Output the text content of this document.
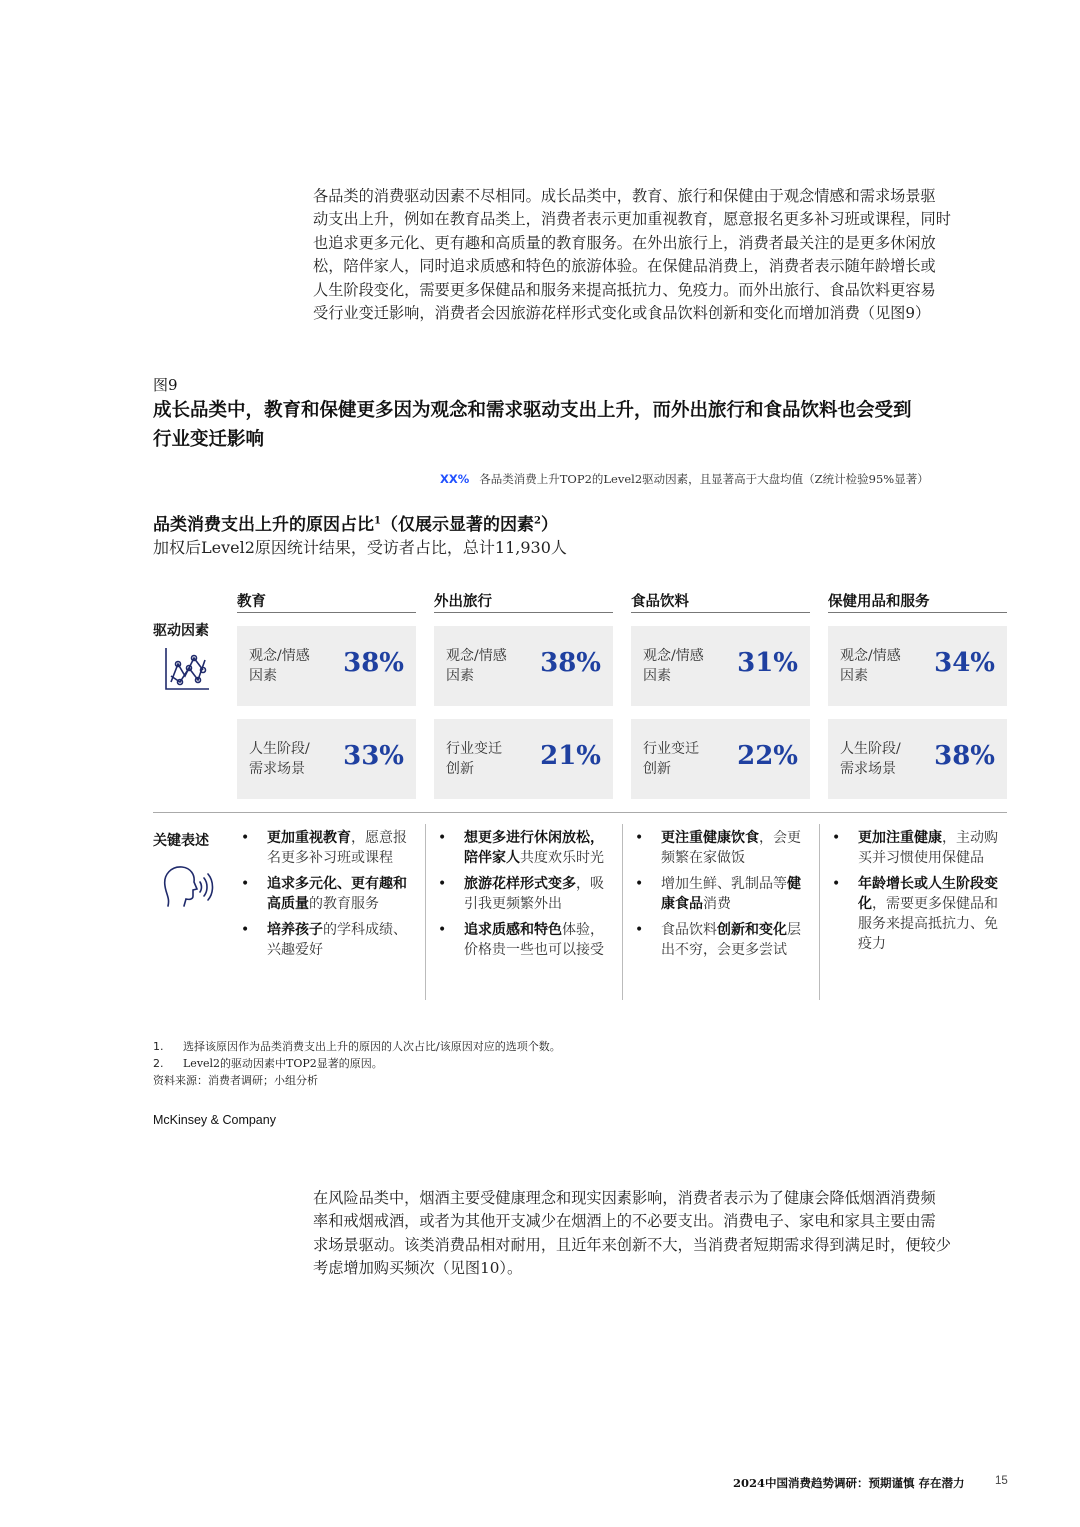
各品类的消费驱动因素不尽相同。成长品类中，教育、旅行和保健由于观念情感和需求场景驱
动支出上升，例如在教育品类上，消费者表示更加重视教育，愿意报名更多补习班或课程，同时
也追求更多元化、更有趣和高质量的教育服务。在外出旅行上，消费者最关注的是更多休闲放
松，陪伴家人，同时追求质感和特色的旅游体验。在保健品消费上，消费者表示随年龄增长或
人生阶段变化，需要更多保健品和服务来提高抵抗力、免疫力。而外出旅行、食品饮料更容易
受行业变迁影响，消费者会因旅游花样形式变化或食品饮料创新和变化而增加消费（见图9）
图9
成长品类中，教育和保健更多因为观念和需求驱动支出上升，而外出旅行和食品饮料也会受到
行业变迁影响
XX% 各品类消费上升TOP2的Level2驱动因素，且显著高于大盘均值（Z统计检验95%显著）
品类消费支出上升的原因占比$^1$（仅展示显著的因素$^2$）
加权后Level2原因统计结果，受访者占比，总计11,930人
教育	外出旅行	食品饮料	保健用品和服务
驱动因素
观念/情感
因素	38%	观念/情感
因素	38%	观念/情感
因素	31%	观念/情感
因素	34%
人生阶段/
需求场景	33%	行业变迁
创新	21%	行业变迁
创新	22%	人生阶段/
需求场景	38%
关键表述
•	更加重视教育，愿意报名更多补习班或课程
• 追求多元化、更有趣和高质量的教育服务
• 培养孩子的学科成绩、兴趣爱好
• 想更多进行休闲放松，陪伴家人共度欢乐时光
• 旅游花样形式变多，吸引我更频繁外出
• 追求质感和特色体验，价格贵一些也可以接受
• 更注重健康饮食，会更频繁在家做饭
• 增加生鲜、乳制品等健康食品消费
• 食品饮料创新和变化层出不穷，会更多尝试
• 更加注重健康，主动购买并习惯使用保健品
• 年龄增长或人生阶段变化，需要更多保健品和服务来提高抵抗力、免疫力
1. 选择该原因作为品类消费支出上升的原因的人次占比/该原因对应的选项个数。
2. Level2的驱动因素中TOP2显著的原因。
资料来源：消费者调研；小组分析
McKinsey & Company
在风险品类中，烟酒主要受健康理念和现实因素影响，消费者表示为了健康会降低烟酒消费频
率和戒烟戒酒，或者为其他开支减少在烟酒上的不必要支出。消费电子、家电和家具主要由需
求场景驱动。该类消费品相对耐用，且近年来创新不大，当消费者短期需求得到满足时，便较少
考虑增加购买频次（见图10）。
2024中国消费趋势调研：预期谨慎 存在潜力	15
